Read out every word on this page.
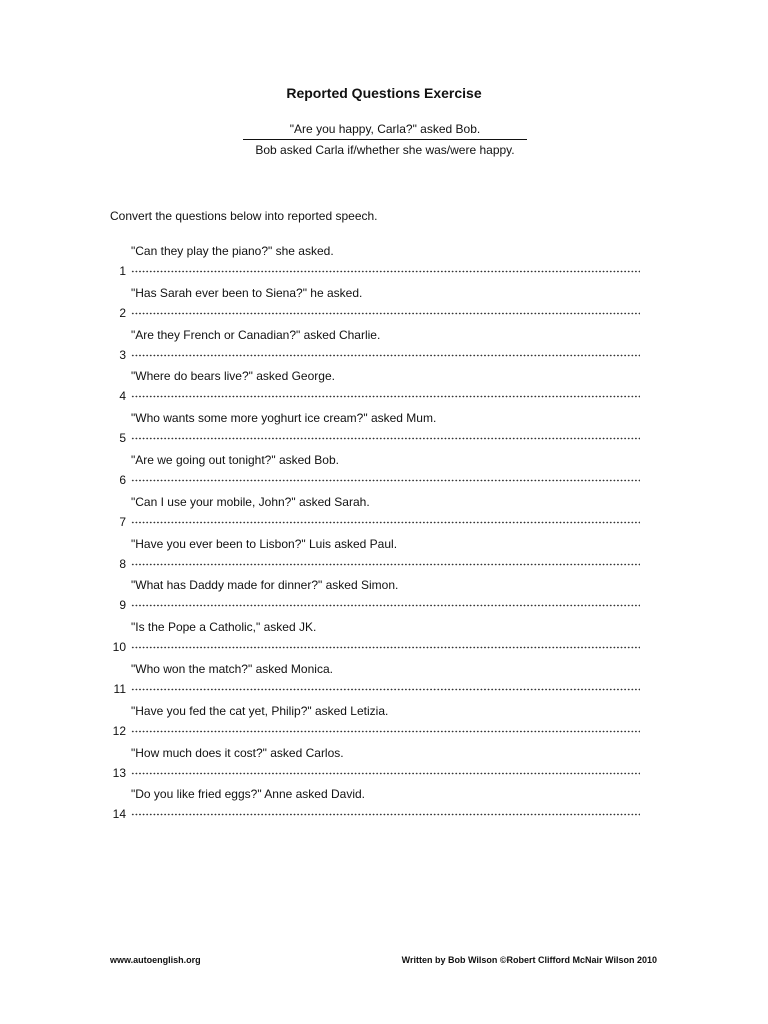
Reported Questions Exercise
"Are you happy, Carla?" asked Bob.
Bob asked Carla if/whether she was/were happy.

Convert the questions below into reported speech.

"Can they play the piano?" she asked.
1
"Has Sarah ever been to Siena?" he asked.
2
"Are they French or Canadian?" asked Charlie.
3
"Where do bears live?" asked George.
4
"Who wants some more yoghurt ice cream?" asked Mum.
5
"Are we going out tonight?" asked Bob.
6
"Can I use your mobile, John?" asked Sarah.
7
"Have you ever been to Lisbon?" Luis asked Paul.
8
"What has Daddy made for dinner?" asked Simon.
9
"Is the Pope a Catholic," asked JK.
10
"Who won the match?" asked Monica.
11
"Have you fed the cat yet, Philip?" asked Letizia.
12
"How much does it cost?" asked Carlos.
13
"Do you like fried eggs?" Anne asked David.
14
www.autoenglish.org	Written by Bob Wilson ©Robert Clifford McNair Wilson 2010
